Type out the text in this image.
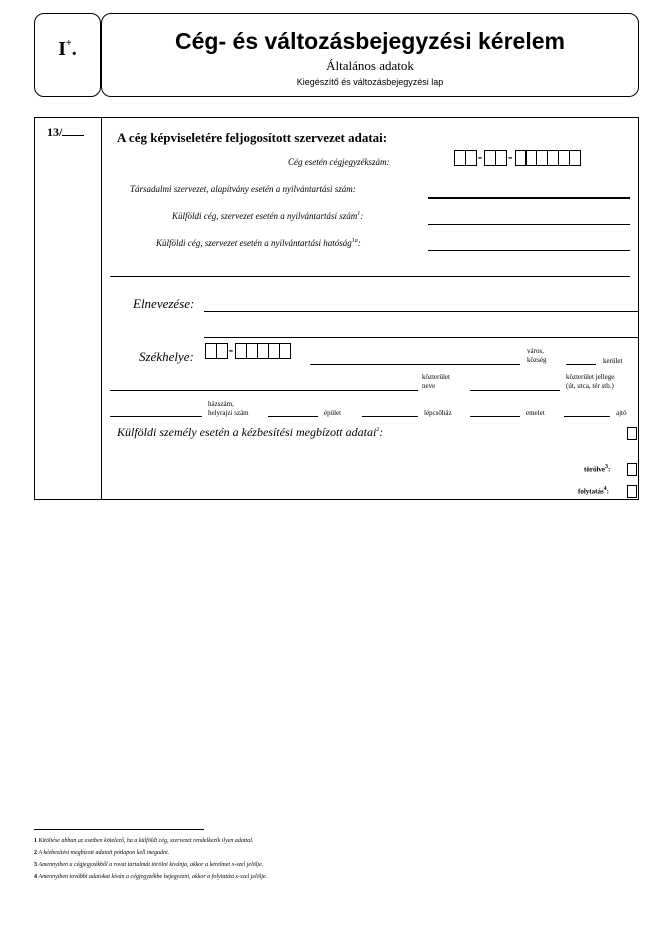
I+.	Cég- és változásbejegyzési kérelem
Általános adatok
Kiegészítő és változásbejegyzési lap
13/	A cég képviseletére feljogosított szervezet adatai:
Cég esetén cégjegyzékszám:	- -
Társadalmi szervezet, alapítvány esetén a nyilvántartási szám:
Külföldi cég, szervezet esetén a nyilvántartási szám$^1$:
Külföldi cég, szervezet esetén a nyilvántartási hatóság$^{1a}$:
Elnevezése:
Székhelye:	-	város,
község	kerület
közterület
neve
közterület jellege
(út, utca, tér stb.)
házszám,
helyrajzi szám	épület	lépcsőház	emelet	ajtó
Külföldi személy esetén a kézbesítési megbízott adatai$^2$:
törölve$^3$:
folytatás$^4$:
1 Kitöltése abban az esetben kötelező, ha a külföldi cég, szervezet rendelkezik ilyen adattal.
2 A kézbesítési megbízott adatait pótlapon kell megadni.
3 Amennyiben a cégjegyzékből a rovat tartalmát törölni kívánja, akkor a kérelmet x-szel jelölje.
4 Amennyiben további adatokat kíván a cégjegyzékbe bejegyezni, akkor a folytatást x-szel jelölje.
